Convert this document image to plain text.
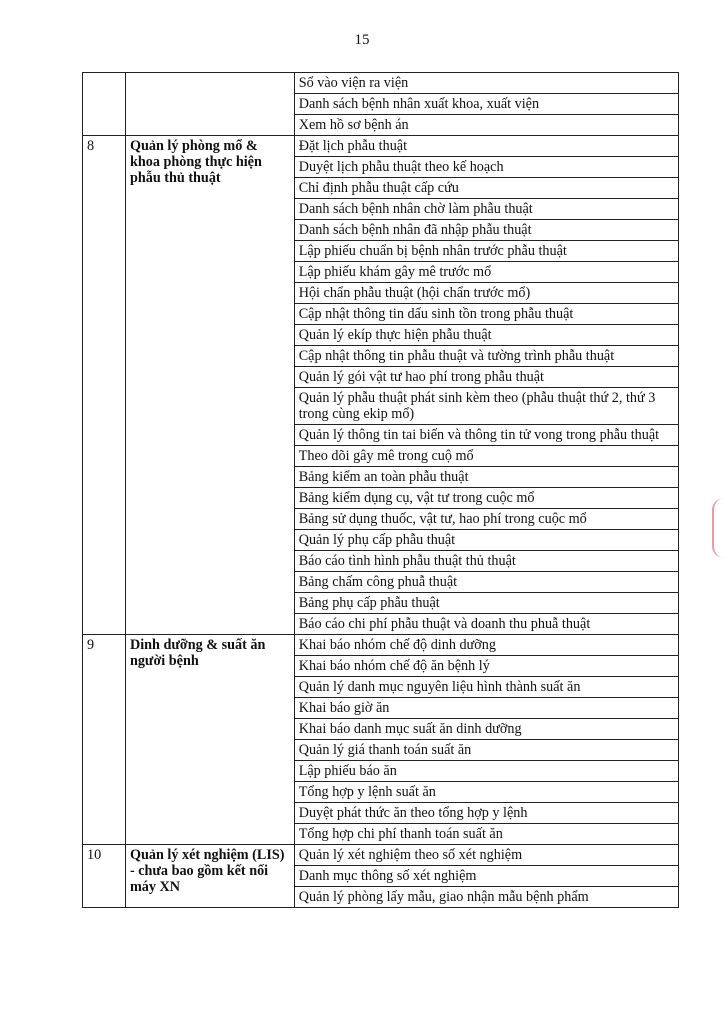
15
		Sổ vào viện ra viện
		Danh sách bệnh nhân xuất khoa, xuất viện
		Xem hồ sơ bệnh án
8	Quản lý phòng mổ & khoa phòng thực hiện phẫu thủ thuật	Đặt lịch phẫu thuật
		Duyệt lịch phẫu thuật theo kế hoạch
		Chỉ định phẫu thuật cấp cứu
		Danh sách bệnh nhân chờ làm phẫu thuật
		Danh sách bệnh nhân đã nhập phẫu thuật
		Lập phiếu chuẩn bị bệnh nhân trước phẫu thuật
		Lập phiếu khám gây mê trước mổ
		Hội chẩn phẫu thuật (hội chẩn trước mổ)
		Cập nhật thông tin dấu sinh tồn trong phẫu thuật
		Quản lý ekíp thực hiện phẫu thuật
		Cập nhật thông tin phẫu thuật và tường trình phẫu thuật
		Quản lý gói vật tư hao phí trong phẫu thuật
		Quản lý phẫu thuật phát sinh kèm theo (phẫu thuật thứ 2, thứ 3 trong cùng ekip mổ)
		Quản lý thông tin tai biến và thông tin tử vong trong phẫu thuật
		Theo dõi gây mê trong cuộ mổ
		Bảng kiểm an toàn phẫu thuật
		Bảng kiểm dụng cụ, vật tư trong cuộc mổ
		Bảng sử dụng thuốc, vật tư, hao phí trong cuộc mổ
		Quản lý phụ cấp phẫu thuật
		Báo cáo tình hình phẫu thuật thủ thuật
		Bảng chấm công phuẫ thuật
		Bảng phụ cấp phẫu thuật
		Báo cáo chi phí phẫu thuật và doanh thu phuẫ thuật
9	Dinh dưỡng & suất ăn người bệnh	Khai báo nhóm chế độ dinh dưỡng
		Khai báo nhóm chế độ ăn bệnh lý
		Quản lý danh mục nguyên liệu hình thành suất ăn
		Khai báo giờ ăn
		Khai báo danh mục suất ăn dinh dưỡng
		Quản lý giá thanh toán suất ăn
		Lập phiếu báo ăn
		Tổng hợp y lệnh suất ăn
		Duyệt phát thức ăn theo tổng hợp y lệnh
		Tổng hợp chi phí thanh toán suất ăn
10	Quản lý xét nghiệm (LIS) - chưa bao gồm kết nối máy XN	Quản lý xét nghiệm theo số xét nghiệm
		Danh mục thông số xét nghiệm
		Quản lý phòng lấy mẫu, giao nhận mẫu bệnh phẩm
